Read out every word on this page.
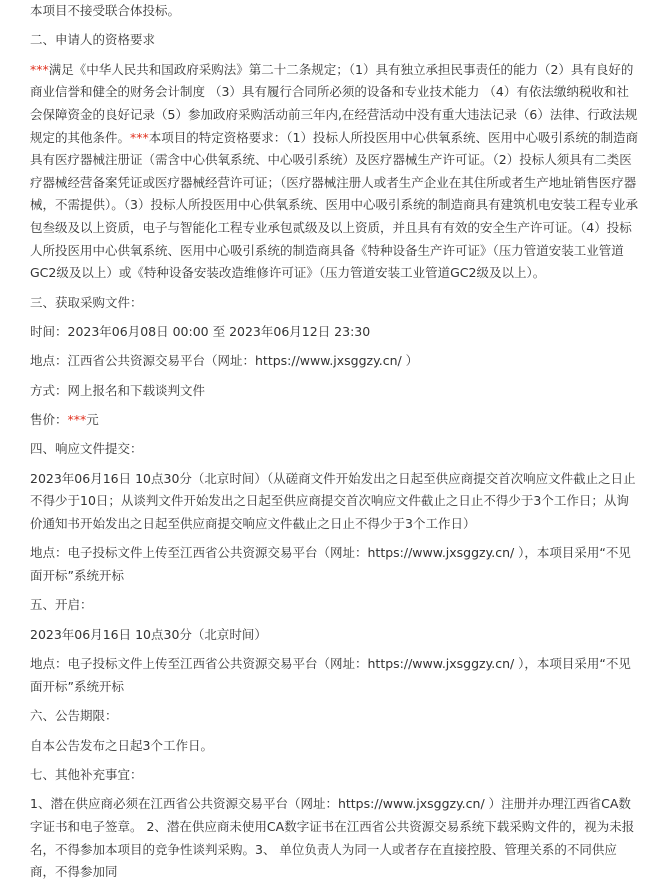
本项目不接受联合体投标。

二、申请人的资格要求

***满足《中华人民共和国政府采购法》第二十二条规定；（1）具有独立承担民事责任的能力（2）具有良好的商业信誉和健全的财务会计制度 （3）具有履行合同所必须的设备和专业技术能力 （4）有依法缴纳税收和社会保障资金的良好记录（5）参加政府采购活动前三年内,在经营活动中没有重大违法记录（6）法律、行政法规规定的其他条件。***本项目的特定资格要求：（1）投标人所投医用中心供氧系统、医用中心吸引系统的制造商具有医疗器械注册证（需含中心供氧系统、中心吸引系统）及医疗器械生产许可证。（2）投标人须具有二类医疗器械经营备案凭证或医疗器械经营许可证；（医疗器械注册人或者生产企业在其住所或者生产地址销售医疗器械，不需提供）。（3）投标人所投医用中心供氧系统、医用中心吸引系统的制造商具有建筑机电安装工程专业承包叁级及以上资质，电子与智能化工程专业承包贰级及以上资质，并且具有有效的安全生产许可证。（4）投标人所投医用中心供氧系统、医用中心吸引系统的制造商具备《特种设备生产许可证》（压力管道安装工业管道GC2级及以上）或《特种设备安装改造维修许可证》（压力管道安装工业管道GC2级及以上）。

三、获取采购文件：

时间：2023年06月08日 00:00 至 2023年06月12日 23:30

地点：江西省公共资源交易平台（网址：https://www.jxsggzy.cn/ ）

方式：网上报名和下载谈判文件

售价：***元

四、响应文件提交：

2023年06月16日 10点30分（北京时间）（从磋商文件开始发出之日起至供应商提交首次响应文件截止之日止不得少于10日；从谈判文件开始发出之日起至供应商提交首次响应文件截止之日止不得少于3个工作日；从询价通知书开始发出之日起至供应商提交响应文件截止之日止不得少于3个工作日）

地点：电子投标文件上传至江西省公共资源交易平台（网址：https://www.jxsggzy.cn/ ），本项目采用“不见面开标”系统开标

五、开启：

2023年06月16日 10点30分（北京时间）

地点：电子投标文件上传至江西省公共资源交易平台（网址：https://www.jxsggzy.cn/ ），本项目采用“不见面开标”系统开标

六、公告期限：

自本公告发布之日起3个工作日。

七、其他补充事宜：

1、潜在供应商必须在江西省公共资源交易平台（网址：https://www.jxsggzy.cn/ ）注册并办理江西省CA数字证书和电子签章。 2、潜在供应商未使用CA数字证书在江西省公共资源交易系统下载采购文件的，视为未报名，不得参加本项目的竞争性谈判采购。3、 单位负责人为同一人或者存在直接控股、管理关系的不同供应商，不得参加同
